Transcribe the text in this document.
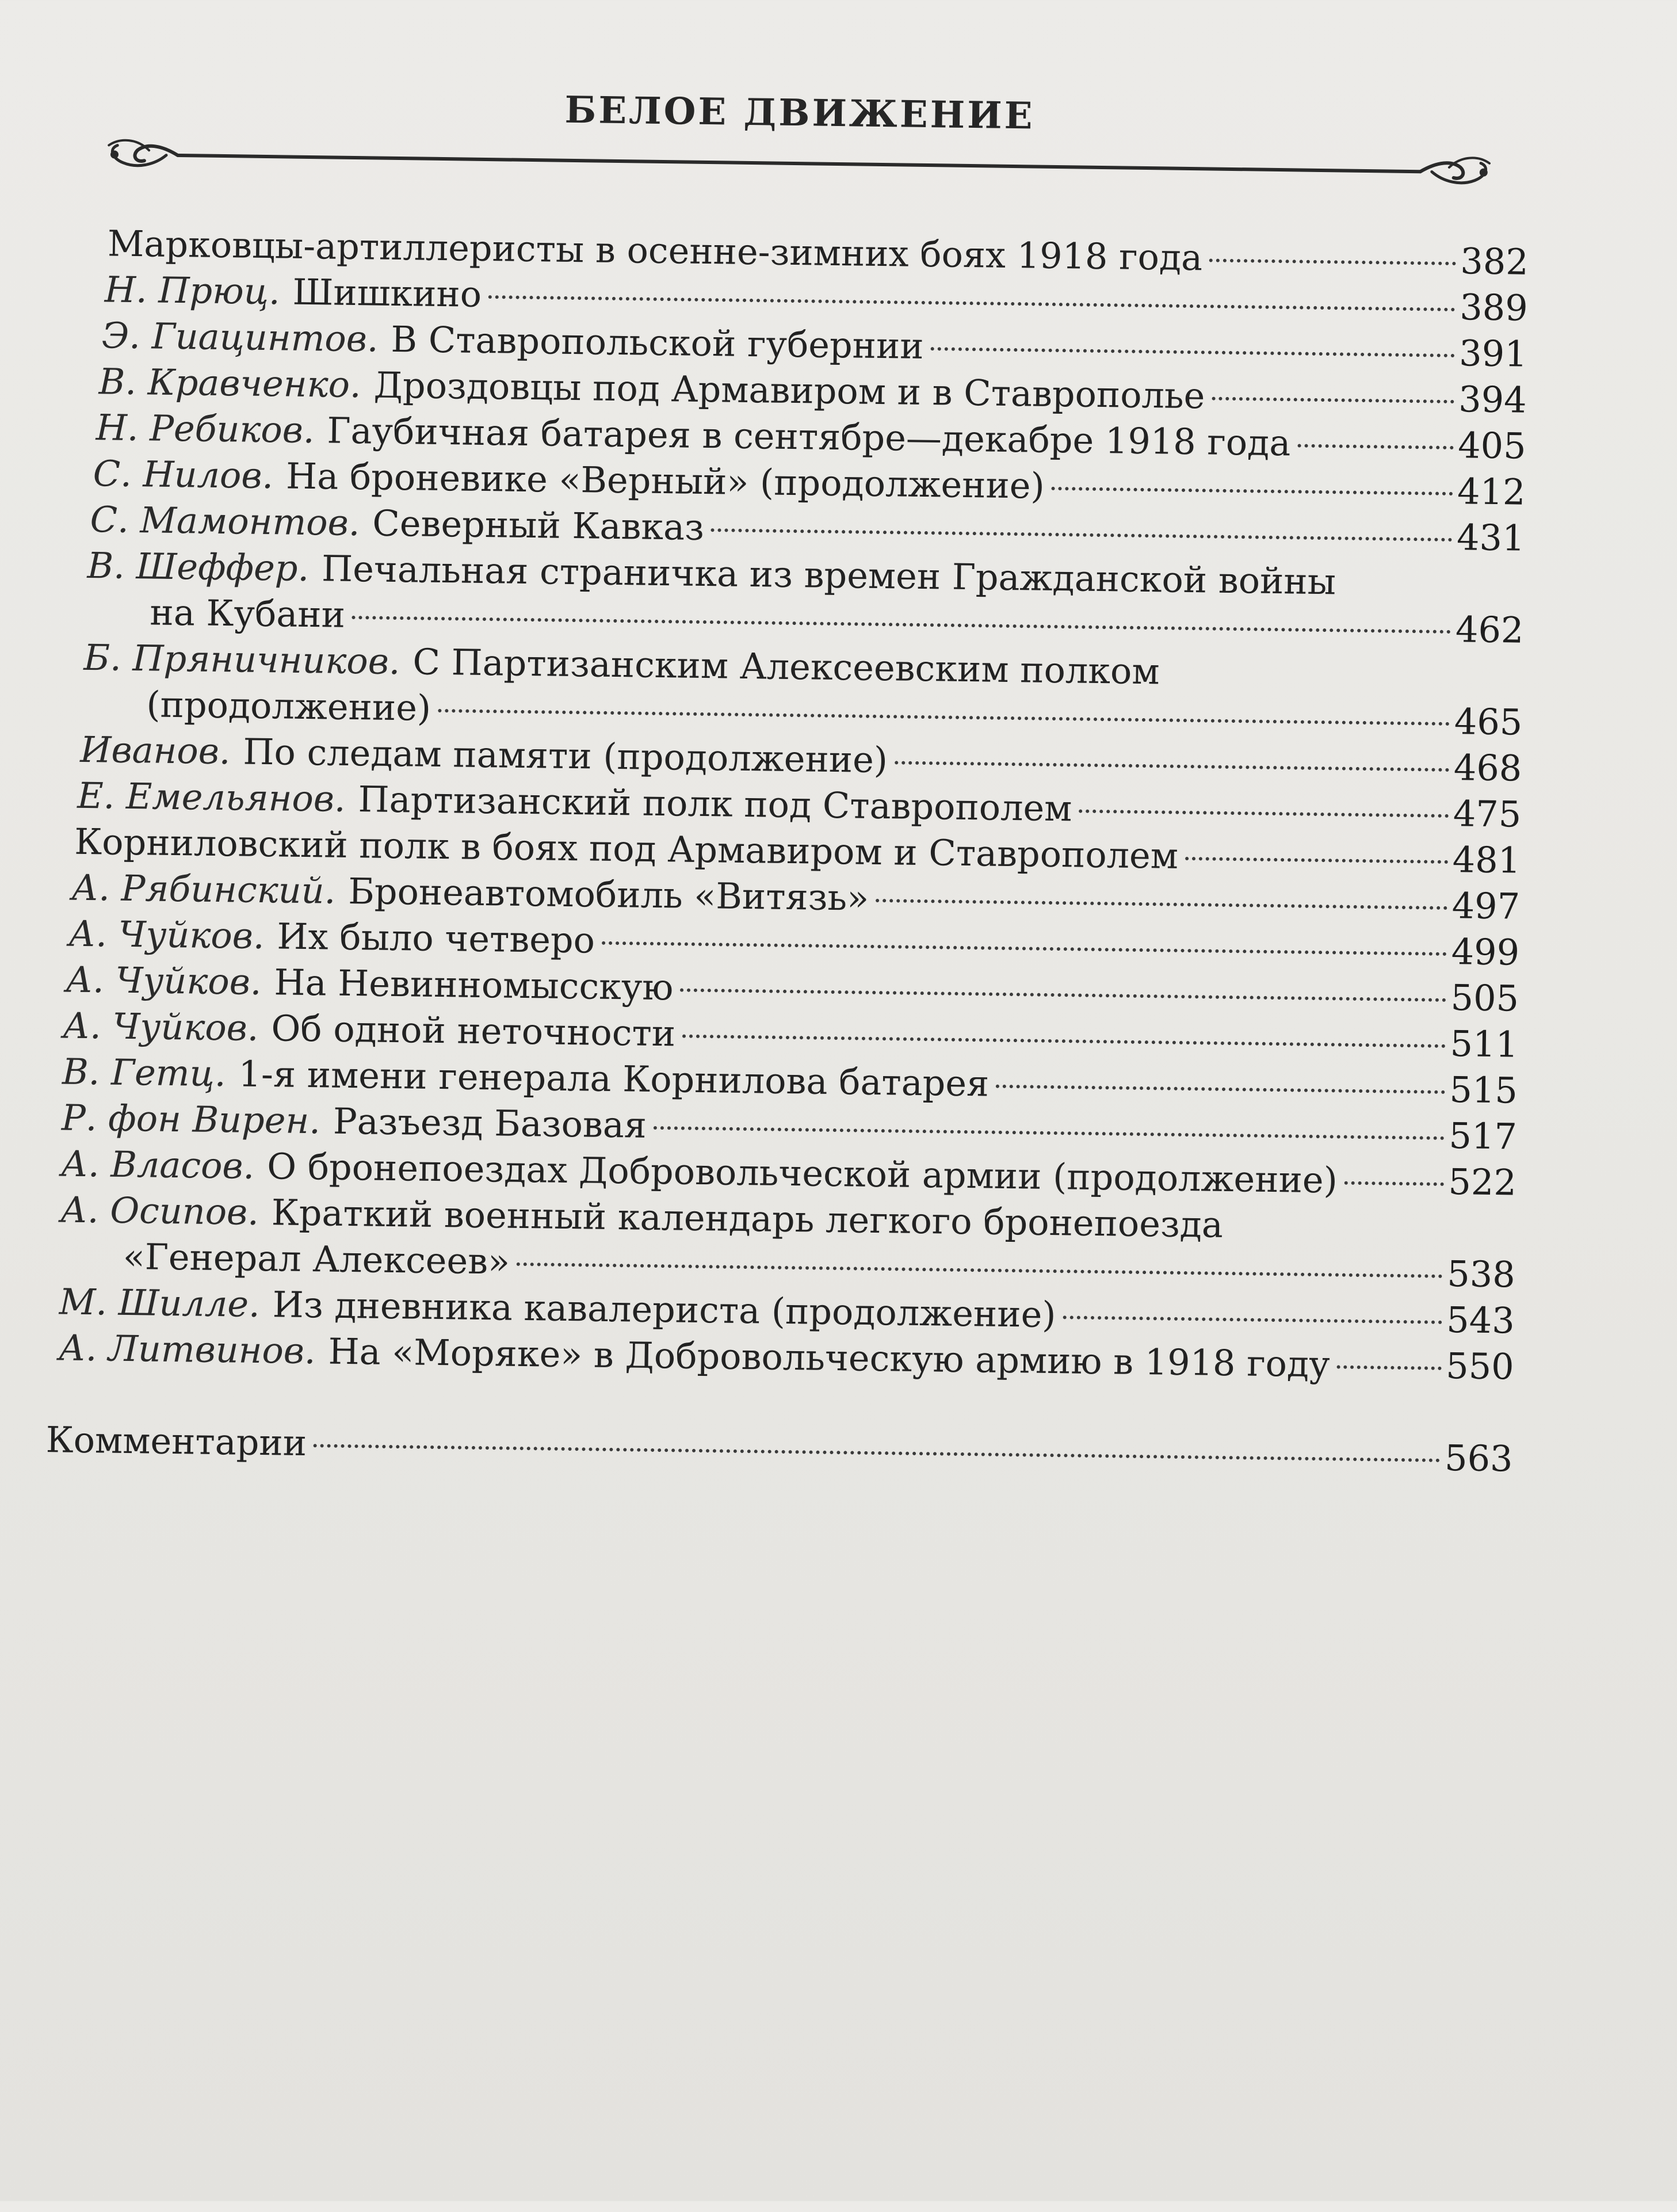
БЕЛОЕ ДВИЖЕНИЕ
Марковцы-артиллеристы в осенне-зимних боях 1918 года	382
Н. Прюц. Шишкино	389
Э. Гиацинтов. В Ставропольской губернии	391
В. Кравченко. Дроздовцы под Армавиром и в Ставрополье	394
Н. Ребиков. Гаубичная батарея в сентябре—декабре 1918 года	405
С. Нилов. На броневике «Верный» (продолжение)	412
С. Мамонтов. Северный Кавказ	431
В. Шеффер. Печальная страничка из времен Гражданской войны
на Кубани	462
Б. Пряничников. С Партизанским Алексеевским полком
(продолжение)	465
Иванов. По следам памяти (продолжение)	468
Е. Емельянов. Партизанский полк под Ставрополем	475
Корниловский полк в боях под Армавиром и Ставрополем	481
А. Рябинский. Бронеавтомобиль «Витязь»	497
А. Чуйков. Их было четверо	499
А. Чуйков. На Невинномысскую	505
А. Чуйков. Об одной неточности	511
В. Гетц. 1-я имени генерала Корнилова батарея	515
Р. фон Вирен. Разъезд Базовая	517
А. Власов. О бронепоездах Добровольческой армии (продолжение)	522
А. Осипов. Краткий военный календарь легкого бронепоезда
«Генерал Алексеев»	538
М. Шилле. Из дневника кавалериста (продолжение)	543
А. Литвинов. На «Моряке» в Добровольческую армию в 1918 году	550
Комментарии	563
